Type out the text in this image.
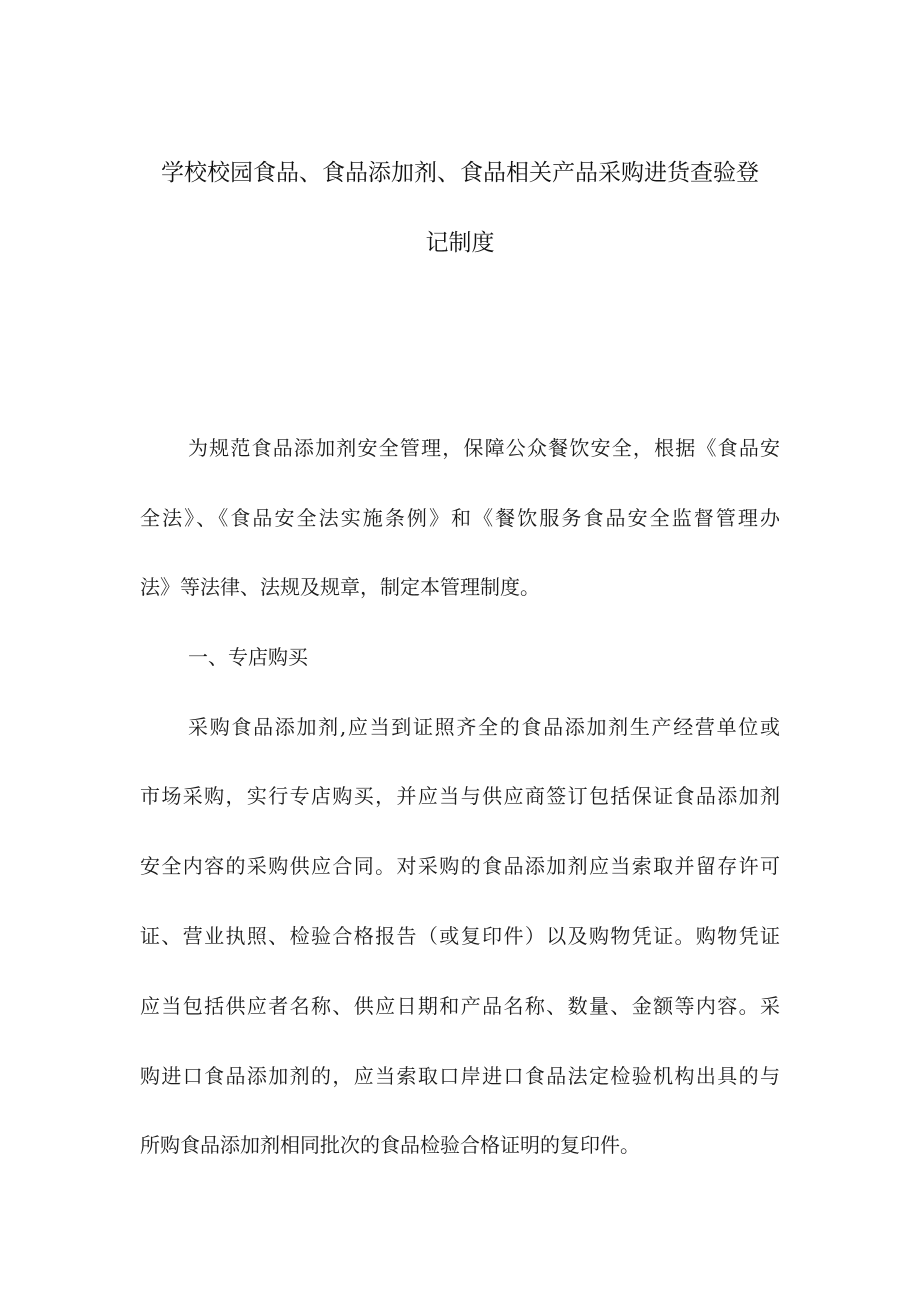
学校校园食品、食品添加剂、食品相关产品采购进货查验登
记制度
为规范食品添加剂安全管理，保障公众餐饮安全，根据《食品安
全法》、《食品安全法实施条例》和《餐饮服务食品安全监督管理办
法》等法律、法规及规章，制定本管理制度。
一、专店购买
采购食品添加剂,应当到证照齐全的食品添加剂生产经营单位或
市场采购，实行专店购买，并应当与供应商签订包括保证食品添加剂
安全内容的采购供应合同。对采购的食品添加剂应当索取并留存许可
证、营业执照、检验合格报告（或复印件）以及购物凭证。购物凭证
应当包括供应者名称、供应日期和产品名称、数量、金额等内容。采
购进口食品添加剂的，应当索取口岸进口食品法定检验机构出具的与
所购食品添加剂相同批次的食品检验合格证明的复印件。
